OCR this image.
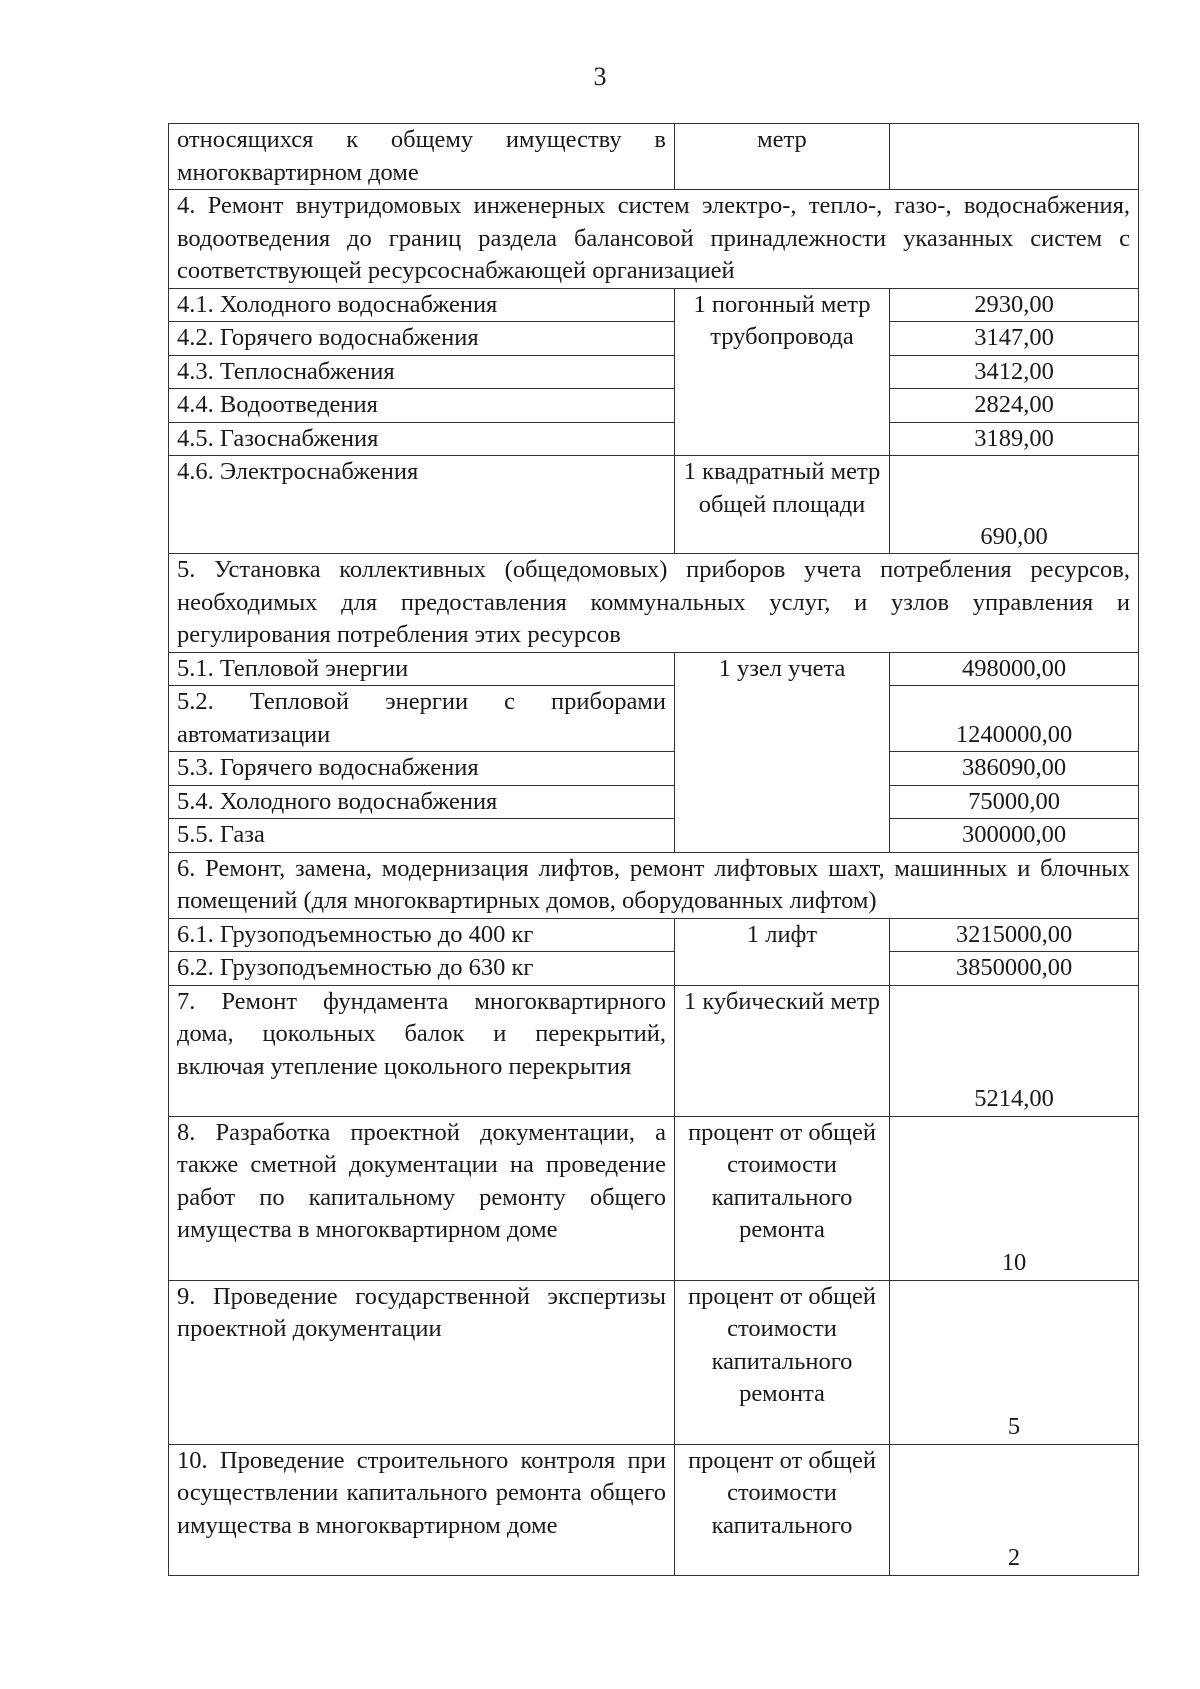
3
относящихся к общему имуществу в многоквартирном доме	метр	
4. Ремонт внутридомовых инженерных систем электро-, тепло-, газо-, водоснабжения, водоотведения до границ раздела балансовой принадлежности указанных систем с соответствующей ресурсоснабжающей организацией		
4.1. Холодного водоснабжения	1 погонный метр трубопровода	2930,00
4.2. Горячего водоснабжения		3147,00
4.3. Теплоснабжения		3412,00
4.4. Водоотведения		2824,00
4.5. Газоснабжения		3189,00
4.6. Электроснабжения	1 квадратный метр общей площади	690,00
5. Установка коллективных (общедомовых) приборов учета потребления ресурсов, необходимых для предоставления коммунальных услуг, и узлов управления и регулирования потребления этих ресурсов		
5.1. Тепловой энергии	1 узел учета	498000,00
5.2. Тепловой энергии с приборами автоматизации		1240000,00
5.3. Горячего водоснабжения		386090,00
5.4. Холодного водоснабжения		75000,00
5.5. Газа		300000,00
6. Ремонт, замена, модернизация лифтов, ремонт лифтовых шахт, машинных и блочных помещений (для многоквартирных домов, оборудованных лифтом)		
6.1. Грузоподъемностью до 400 кг	1 лифт	3215000,00
6.2. Грузоподъемностью до 630 кг		3850000,00
7. Ремонт фундамента многоквартирного дома, цокольных балок и перекрытий, включая утепление цокольного перекрытия	1 кубический метр	5214,00
8. Разработка проектной документации, а также сметной документации на проведение работ по капитальному ремонту общего имущества в многоквартирном доме	процент от общей стоимости капитального ремонта	10
9. Проведение государственной экспертизы проектной документации	процент от общей стоимости капитального ремонта	5
10. Проведение строительного контроля при осуществлении капитального ремонта общего имущества в многоквартирном доме	процент от общей стоимости капитального	2
